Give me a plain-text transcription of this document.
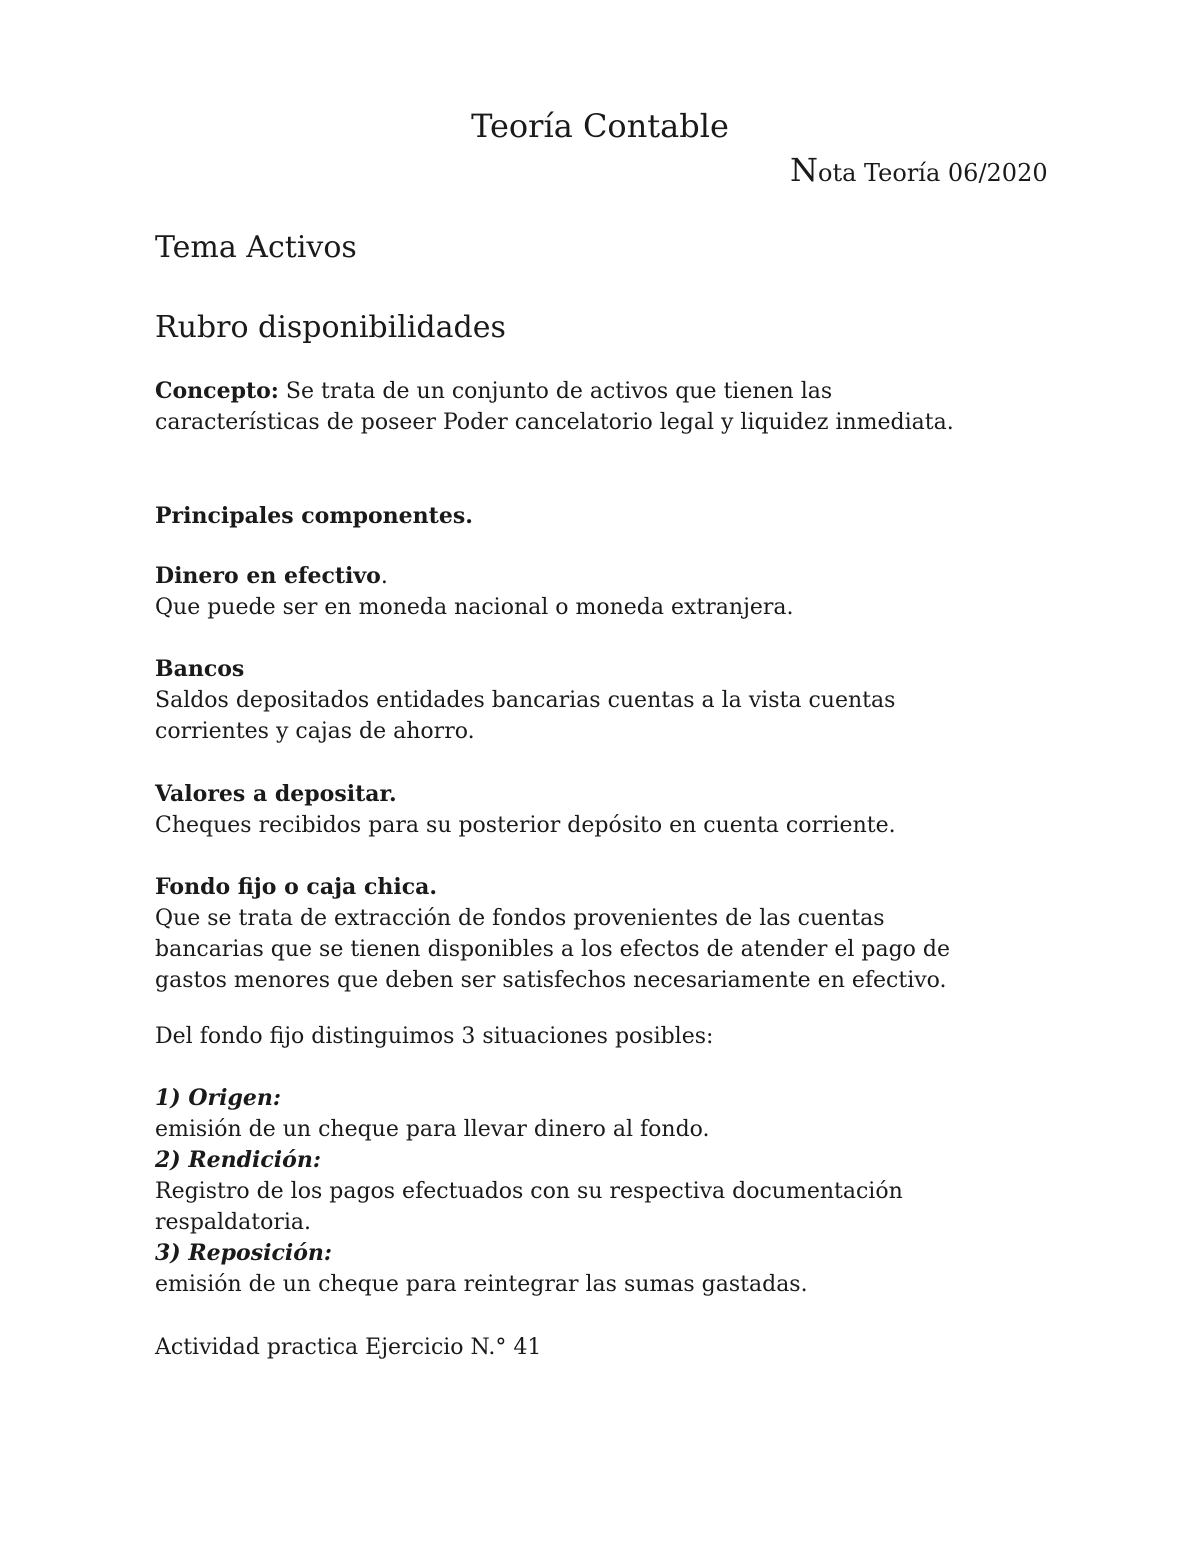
Teoría Contable
Nota Teoría 06/2020
Tema Activos
Rubro disponibilidades
Concepto: Se trata de un conjunto de activos que tienen las
características de poseer Poder cancelatorio legal y liquidez inmediata.
Principales componentes.
Dinero en efectivo.
Que puede ser en moneda nacional o moneda extranjera.
Bancos
Saldos depositados entidades bancarias cuentas a la vista cuentas
corrientes y cajas de ahorro.
Valores a depositar.
Cheques recibidos para su posterior depósito en cuenta corriente.
Fondo fijo o caja chica.
Que se trata de extracción de fondos provenientes de las cuentas
bancarias que se tienen disponibles a los efectos de atender el pago de
gastos menores que deben ser satisfechos necesariamente en efectivo.
Del fondo fijo distinguimos 3 situaciones posibles:
1) Origen:
emisión de un cheque para llevar dinero al fondo.
2) Rendición:
Registro de los pagos efectuados con su respectiva documentación
respaldatoria.
3) Reposición:
emisión de un cheque para reintegrar las sumas gastadas.
Actividad practica Ejercicio N.° 41
